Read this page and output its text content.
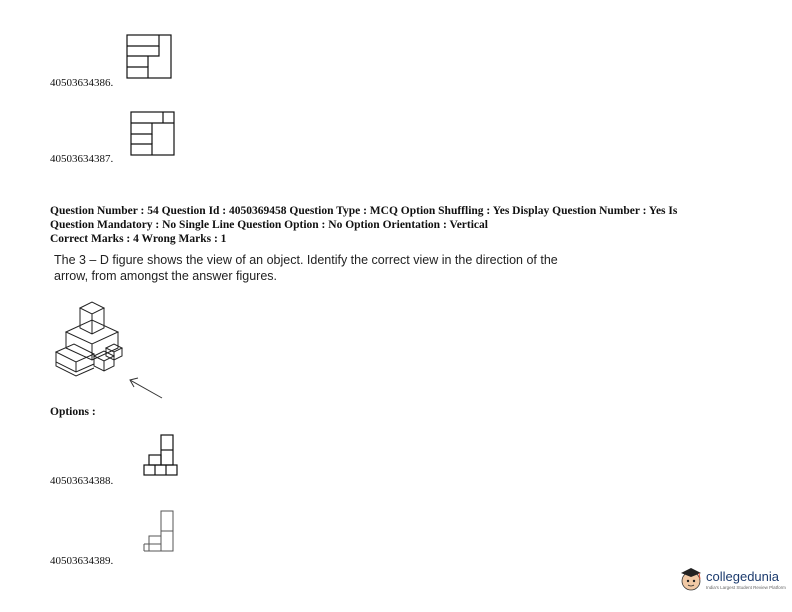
40503634386.
40503634387.
Question Number : 54 Question Id : 4050369458 Question Type : MCQ Option Shuffling : Yes Display Question Number : Yes Is
Question Mandatory : No Single Line Question Option : No Option Orientation : Vertical
Correct Marks : 4 Wrong Marks : 1
The 3 – D figure shows the view of an object. Identify the correct view in the direction of the
arrow, from amongst the answer figures.
Options :
40503634388.
40503634389.
collegedunia
India's Largest Student Review Platform
